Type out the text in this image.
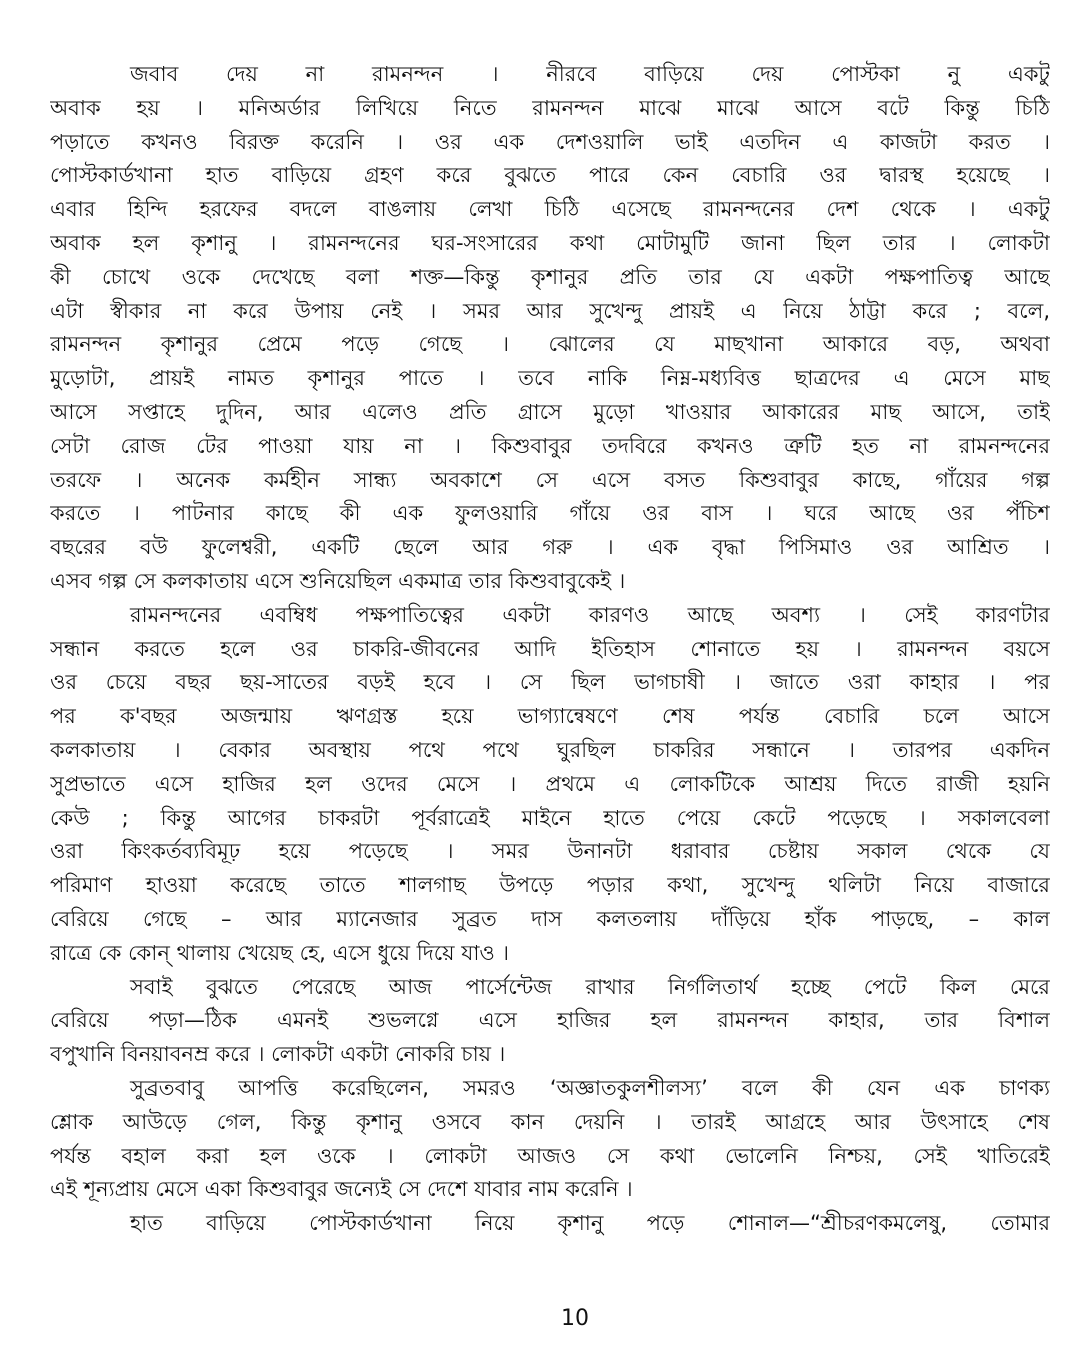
জবাব দেয় না রামনন্দন । নীরবে বাড়িয়ে দেয় পোস্টকা নু একটু
অবাক হয় । মনিঅর্ডার লিখিয়ে নিতে রামনন্দন মাঝে মাঝে আসে বটে কিন্তু চিঠি
পড়াতে কখনও বিরক্ত করেনি । ওর এক দেশওয়ালি ভাই এতদিন এ কাজটা করত ।
পোস্টকার্ডখানা হাত বাড়িয়ে গ্রহণ করে বুঝতে পারে কেন বেচারি ওর দ্বারস্থ হয়েছে ।
এবার হিন্দি হরফের বদলে বাঙলায় লেখা চিঠি এসেছে রামনন্দনের দেশ থেকে । একটু
অবাক হল কৃশানু । রামনন্দনের ঘর-সংসারের কথা মোটামুটি জানা ছিল তার । লোকটা
কী চোখে ওকে দেখেছে বলা শক্ত—কিন্তু কৃশানুর প্রতি তার যে একটা পক্ষপাতিত্ব আছে
এটা স্বীকার না করে উপায় নেই । সমর আর সুখেন্দু প্রায়ই এ নিয়ে ঠাট্টা করে ; বলে,
রামনন্দন কৃশানুর প্রেমে পড়ে গেছে । ঝোলের যে মাছখানা আকারে বড়, অথবা
মুড়োটা, প্রায়ই নামত কৃশানুর পাতে । তবে নাকি নিম্ন-মধ্যবিত্ত ছাত্রদের এ মেসে মাছ
আসে সপ্তাহে দুদিন, আর এলেও প্রতি গ্রাসে মুড়ো খাওয়ার আকারের মাছ আসে, তাই
সেটা রোজ টের পাওয়া যায় না । কিশুবাবুর তদবিরে কখনও ত্রুটি হত না রামনন্দনের
তরফে । অনেক কর্মহীন সান্ধ্য অবকাশে সে এসে বসত কিশুবাবুর কাছে, গাঁয়ের গল্প
করতে । পাটনার কাছে কী এক ফুলওয়ারি গাঁয়ে ওর বাস । ঘরে আছে ওর পঁচিশ
বছরের বউ ফুলেশ্বরী, একটি ছেলে আর গরু । এক বৃদ্ধা পিসিমাও ওর আশ্রিত ।
এসব গল্প সে কলকাতায় এসে শুনিয়েছিল একমাত্র তার কিশুবাবুকেই ।
রামনন্দনের এবম্বিধ পক্ষপাতিত্বের একটা কারণও আছে অবশ্য । সেই কারণটার
সন্ধান করতে হলে ওর চাকরি-জীবনের আদি ইতিহাস শোনাতে হয় । রামনন্দন বয়সে
ওর চেয়ে বছর ছয়-সাতের বড়ই হবে । সে ছিল ভাগচাষী । জাতে ওরা কাহার । পর
পর ক'বছর অজন্মায় ঋণগ্রস্ত হয়ে ভাগ্যান্বেষণে শেষ পর্যন্ত বেচারি চলে আসে
কলকাতায় । বেকার অবস্থায় পথে পথে ঘুরছিল চাকরির সন্ধানে । তারপর একদিন
সুপ্রভাতে এসে হাজির হল ওদের মেসে । প্রথমে এ লোকটিকে আশ্রয় দিতে রাজী হয়নি
কেউ ; কিন্তু আগের চাকরটা পূর্বরাত্রেই মাইনে হাতে পেয়ে কেটে পড়েছে । সকালবেলা
ওরা কিংকর্তব্যবিমূঢ় হয়ে পড়েছে । সমর উনানটা ধরাবার চেষ্টায় সকাল থেকে যে
পরিমাণ হাওয়া করেছে তাতে শালগাছ উপড়ে পড়ার কথা, সুখেন্দু থলিটা নিয়ে বাজারে
বেরিয়ে গেছে – আর ম্যানেজার সুব্রত দাস কলতলায় দাঁড়িয়ে হাঁক পাড়ছে, – কাল
রাত্রে কে কোন্ থালায় খেয়েছ হে, এসে ধুয়ে দিয়ে যাও ।
সবাই বুঝতে পেরেছে আজ পার্সেন্টেজ রাখার নির্গলিতার্থ হচ্ছে পেটে কিল মেরে
বেরিয়ে পড়া—ঠিক এমনই শুভলগ্নে এসে হাজির হল রামনন্দন কাহার, তার বিশাল
বপুখানি বিনয়াবনম্র করে । লোকটা একটা নোকরি চায় ।
সুব্রতবাবু আপত্তি করেছিলেন, সমরও ‘অজ্ঞাতকুলশীলস্য’ বলে কী যেন এক চাণক্য
শ্লোক আউড়ে গেল, কিন্তু কৃশানু ওসবে কান দেয়নি । তারই আগ্রহে আর উৎসাহে শেষ
পর্যন্ত বহাল করা হল ওকে । লোকটা আজও সে কথা ভোলেনি নিশ্চয়, সেই খাতিরেই
এই শূন্যপ্রায় মেসে একা কিশুবাবুর জন্যেই সে দেশে যাবার নাম করেনি ।
হাত বাড়িয়ে পোস্টকার্ডখানা নিয়ে কৃশানু পড়ে শোনাল—“শ্রীচরণকমলেষু, তোমার
10
